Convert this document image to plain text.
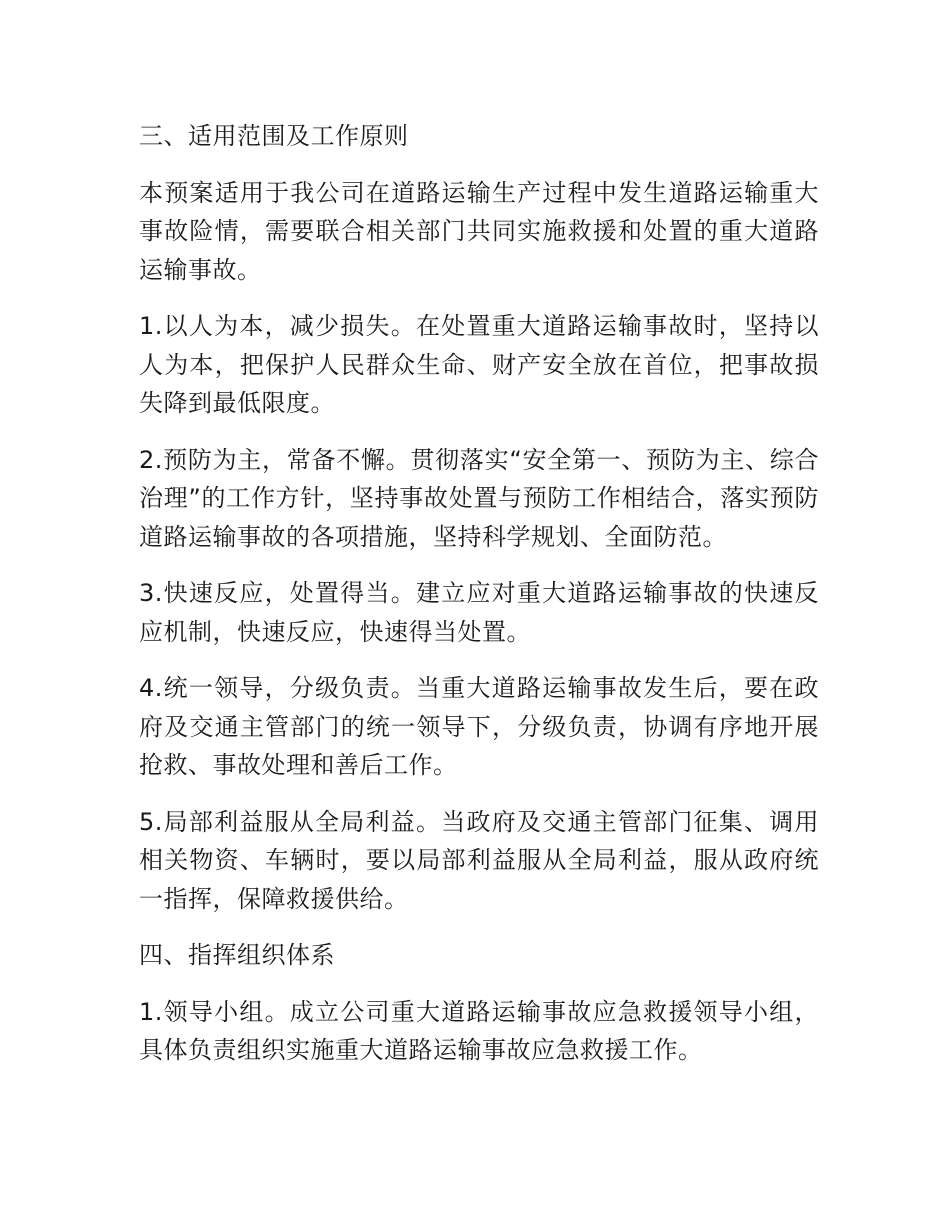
三、适用范围及工作原则

本预案适用于我公司在道路运输生产过程中发生道路运输重大事故险情，需要联合相关部门共同实施救援和处置的重大道路运输事故。

1.以人为本，减少损失。在处置重大道路运输事故时，坚持以人为本，把保护人民群众生命、财产安全放在首位，把事故损失降到最低限度。

2.预防为主，常备不懈。贯彻落实“安全第一、预防为主、综合治理”的工作方针，坚持事故处置与预防工作相结合，落实预防道路运输事故的各项措施，坚持科学规划、全面防范。

3.快速反应，处置得当。建立应对重大道路运输事故的快速反应机制，快速反应，快速得当处置。

4.统一领导，分级负责。当重大道路运输事故发生后，要在政府及交通主管部门的统一领导下，分级负责，协调有序地开展抢救、事故处理和善后工作。

5.局部利益服从全局利益。当政府及交通主管部门征集、调用相关物资、车辆时，要以局部利益服从全局利益，服从政府统一指挥，保障救援供给。

四、指挥组织体系

1.领导小组。成立公司重大道路运输事故应急救援领导小组，具体负责组织实施重大道路运输事故应急救援工作。
